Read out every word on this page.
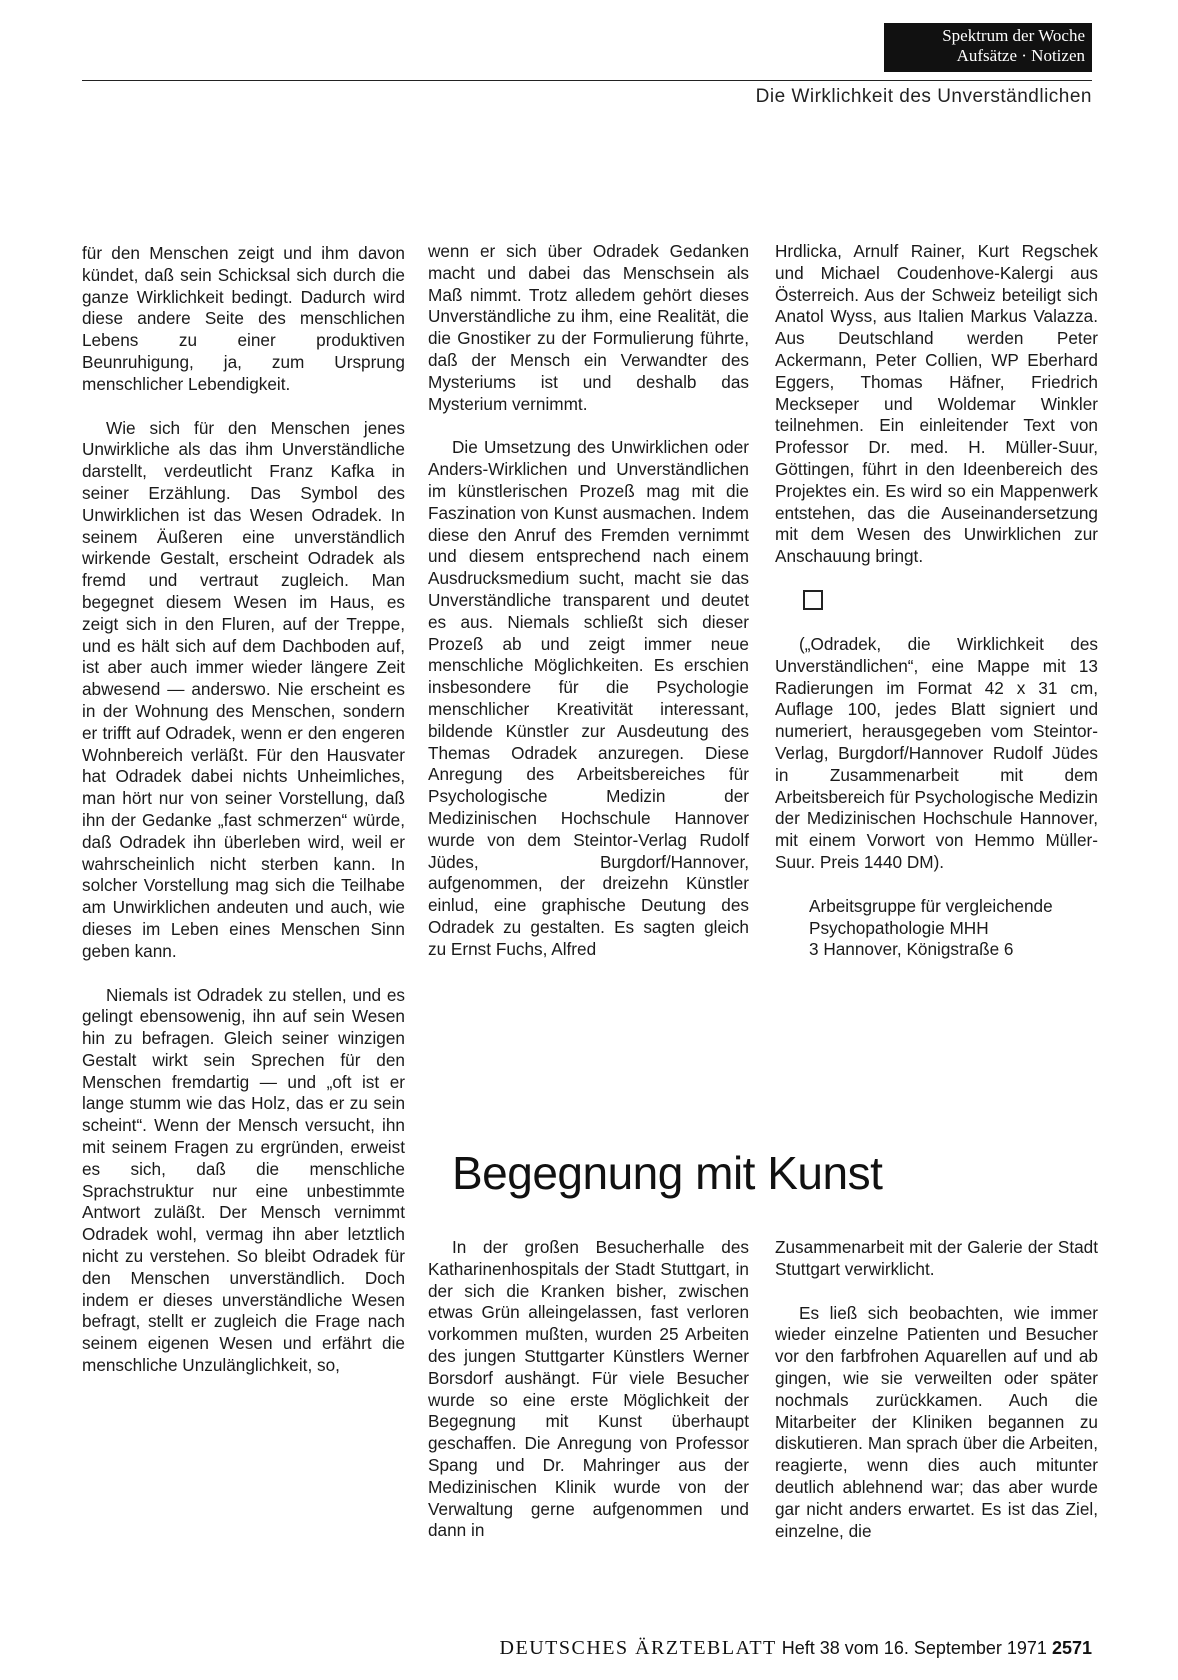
Spektrum der Woche
Aufsätze · Notizen
Die Wirklichkeit des Unverständlichen

für den Menschen zeigt und ihm davon kündet, daß sein Schicksal sich durch die ganze Wirklichkeit bedingt. Dadurch wird diese andere Seite des menschlichen Lebens zu einer produktiven Beunruhigung, ja, zum Ursprung menschlicher Lebendigkeit.

Wie sich für den Menschen jenes Unwirkliche als das ihm Unverständliche darstellt, verdeutlicht Franz Kafka in seiner Erzählung. Das Symbol des Unwirklichen ist das Wesen Odradek. In seinem Äußeren eine unverständlich wirkende Gestalt, erscheint Odradek als fremd und vertraut zugleich. Man begegnet diesem Wesen im Haus, es zeigt sich in den Fluren, auf der Treppe, und es hält sich auf dem Dachboden auf, ist aber auch immer wieder längere Zeit abwesend — anderswo. Nie erscheint es in der Wohnung des Menschen, sondern er trifft auf Odradek, wenn er den engeren Wohnbereich verläßt. Für den Hausvater hat Odradek dabei nichts Unheimliches, man hört nur von seiner Vorstellung, daß ihn der Gedanke „fast schmerzen“ würde, daß Odradek ihn überleben wird, weil er wahrscheinlich nicht sterben kann. In solcher Vorstellung mag sich die Teilhabe am Unwirklichen andeuten und auch, wie dieses im Leben eines Menschen Sinn geben kann.

Niemals ist Odradek zu stellen, und es gelingt ebensowenig, ihn auf sein Wesen hin zu befragen. Gleich seiner winzigen Gestalt wirkt sein Sprechen für den Menschen fremdartig — und „oft ist er lange stumm wie das Holz, das er zu sein scheint“. Wenn der Mensch versucht, ihn mit seinem Fragen zu ergründen, erweist es sich, daß die menschliche Sprachstruktur nur eine unbestimmte Antwort zuläßt. Der Mensch vernimmt Odradek wohl, vermag ihn aber letztlich nicht zu verstehen. So bleibt Odradek für den Menschen unverständlich. Doch indem er dieses unverständliche Wesen befragt, stellt er zugleich die Frage nach seinem eigenen Wesen und erfährt die menschliche Unzulänglichkeit, so,

wenn er sich über Odradek Gedanken macht und dabei das Menschsein als Maß nimmt. Trotz alledem gehört dieses Unverständliche zu ihm, eine Realität, die die Gnostiker zu der Formulierung führte, daß der Mensch ein Verwandter des Mysteriums ist und deshalb das Mysterium vernimmt.

Die Umsetzung des Unwirklichen oder Anders-Wirklichen und Unverständlichen im künstlerischen Prozeß mag mit die Faszination von Kunst ausmachen. Indem diese den Anruf des Fremden vernimmt und diesem entsprechend nach einem Ausdrucksmedium sucht, macht sie das Unverständliche transparent und deutet es aus. Niemals schließt sich dieser Prozeß ab und zeigt immer neue menschliche Möglichkeiten. Es erschien insbesondere für die Psychologie menschlicher Kreativität interessant, bildende Künstler zur Ausdeutung des Themas Odradek anzuregen. Diese Anregung des Arbeitsbereiches für Psychologische Medizin der Medizinischen Hochschule Hannover wurde von dem Steintor-Verlag Rudolf Jüdes, Burgdorf/Hannover, aufgenommen, der dreizehn Künstler einlud, eine graphische Deutung des Odradek zu gestalten. Es sagten gleich zu Ernst Fuchs, Alfred

Hrdlicka, Arnulf Rainer, Kurt Regschek und Michael Coudenhove-Kalergi aus Österreich. Aus der Schweiz beteiligt sich Anatol Wyss, aus Italien Markus Valazza. Aus Deutschland werden Peter Ackermann, Peter Collien, WP Eberhard Eggers, Thomas Häfner, Friedrich Meckseper und Woldemar Winkler teilnehmen. Ein einleitender Text von Professor Dr. med. H. Müller-Suur, Göttingen, führt in den Ideenbereich des Projektes ein. Es wird so ein Mappenwerk entstehen, das die Auseinandersetzung mit dem Wesen des Unwirklichen zur Anschauung bringt.

(„Odradek, die Wirklichkeit des Unverständlichen“, eine Mappe mit 13 Radierungen im Format 42 x 31 cm, Auflage 100, jedes Blatt signiert und numeriert, herausgegeben vom Steintor-Verlag, Burgdorf/Hannover Rudolf Jüdes in Zusammenarbeit mit dem Arbeitsbereich für Psychologische Medizin der Medizinischen Hochschule Hannover, mit einem Vorwort von Hemmo Müller-Suur. Preis 1440 DM).

Arbeitsgruppe für vergleichende
Psychopathologie MHH
3 Hannover, Königstraße 6
Begegnung mit Kunst

In der großen Besucherhalle des Katharinenhospitals der Stadt Stuttgart, in der sich die Kranken bisher, zwischen etwas Grün alleingelassen, fast verloren vorkommen mußten, wurden 25 Arbeiten des jungen Stuttgarter Künstlers Werner Borsdorf aushängt. Für viele Besucher wurde so eine erste Möglichkeit der Begegnung mit Kunst überhaupt geschaffen. Die Anregung von Professor Spang und Dr. Mahringer aus der Medizinischen Klinik wurde von der Verwaltung gerne aufgenommen und dann in

Zusammenarbeit mit der Galerie der Stadt Stuttgart verwirklicht.

Es ließ sich beobachten, wie immer wieder einzelne Patienten und Besucher vor den farbfrohen Aquarellen auf und ab gingen, wie sie verweilten oder später nochmals zurückkamen. Auch die Mitarbeiter der Kliniken begannen zu diskutieren. Man sprach über die Arbeiten, reagierte, wenn dies auch mitunter deutlich ablehnend war; das aber wurde gar nicht anders erwartet. Es ist das Ziel, einzelne, die

DEUTSCHES ÄRZTEBLATT Heft 38 vom 16. September 1971 2571
